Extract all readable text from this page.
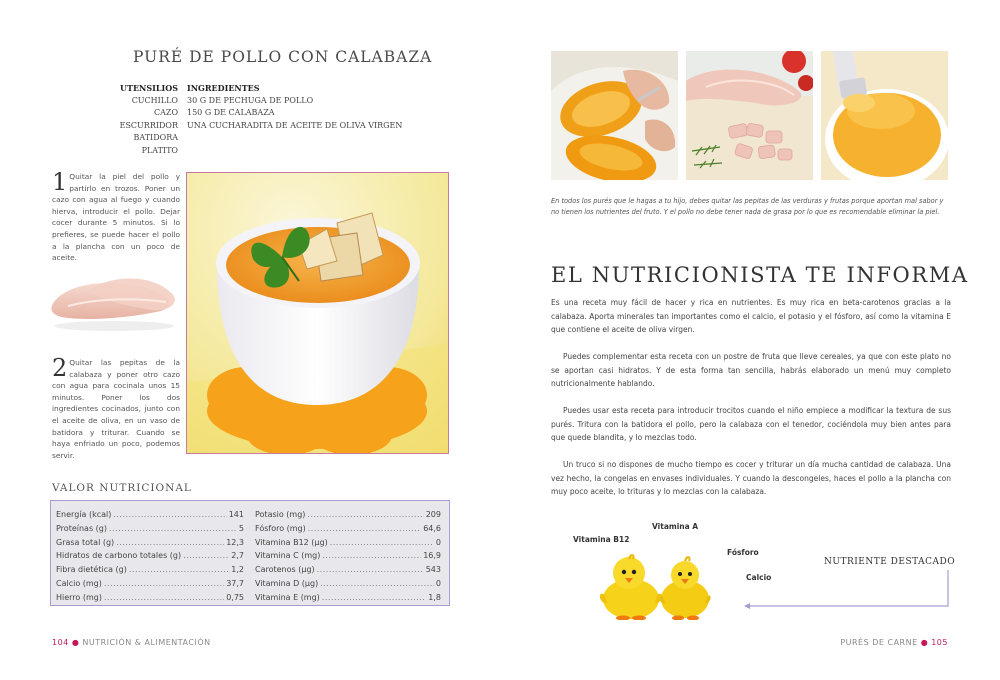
PURÉ DE POLLO CON CALABAZA
UTENSILIOS
CUCHILLO
CAZO
ESCURRIDOR
BATIDORA
PLATITO
INGREDIENTES
30 G DE PECHUGA DE POLLO
150 G DE CALABAZA
UNA CUCHARADITA DE ACEITE DE OLIVA VIRGEN
1 Quitar la piel del pollo y partirlo en trozos. Poner un cazo con agua al fuego y cuando hierva, introducir el pollo. Dejar cocer durante 5 minutos. Si lo prefieres, se puede hacer el pollo a la plancha con un poco de aceite.
2 Quitar las pepitas de la calabaza y poner otro cazo con agua para cocinala unos 15 minutos. Poner los dos ingredientes cocinados, junto con el aceite de oliva, en un vaso de batidora y triturar. Cuando se haya enfriado un poco, podemos servir.
VALOR NUTRICIONAL
Energía (kcal) .....	141
Proteínas (g) .....	5
Grasa total (g) .....	12,3
Hidratos de carbono totales (g) .....	2,7
Fibra dietética (g) .....	1,2
Calcio (mg) .....	37,7
Hierro (mg) .....	0,75
Potasio (mg) .....	209
Fósforo (mg) .....	64,6
Vitamina B12 (µg) .....	0
Vitamina C (mg) .....	16,9
Carotenos (µg) .....	543
Vitamina D (µg) .....	0
Vitamina E (mg) .....	1,8
104 ● NUTRICIÓN & ALIMENTACIÓN
En todos los purés que le hagas a tu hijo, debes quitar las pepitas de las verduras y frutas porque aportan mal sabor y no tienen los nutrientes del fruto. Y el pollo no debe tener nada de grasa por lo que es recomendable eliminar la piel.
EL NUTRICIONISTA TE INFORMA

Es una receta muy fácil de hacer y rica en nutrientes. Es muy rica en beta-carotenos gracias a la calabaza. Aporta minerales tan importantes como el calcio, el potasio y el fósforo, así como la vitamina E que contiene el aceite de oliva virgen.

Puedes complementar esta receta con un postre de fruta que lleve cereales, ya que con este plato no se aportan casi hidratos. Y de esta forma tan sencilla, habrás elaborado un menú muy completo nutricionalmente hablando.

Puedes usar esta receta para introducir trocitos cuando el niño empiece a modificar la textura de sus purés. Tritura con la batidora el pollo, pero la calabaza con el tenedor, cociéndola muy bien antes para que quede blandita, y lo mezclas todo.

Un truco si no dispones de mucho tiempo es cocer y triturar un día mucha cantidad de calabaza. Una vez hecho, la congelas en envases individuales. Y cuando la descongeles, haces el pollo a la plancha con muy poco aceite, lo trituras y lo mezclas con la calabaza.

Vitamina B12
Vitamina A
Fósforo
Calcio
NUTRIENTE DESTACADO
PURÉS DE CARNE ● 105
